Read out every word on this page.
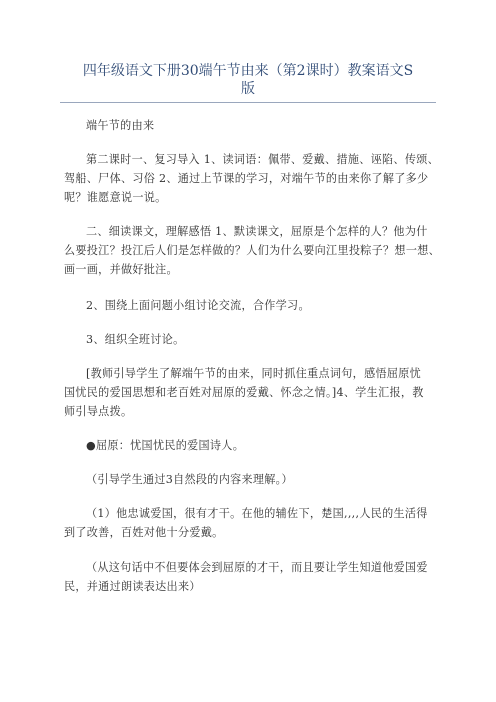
四年级语文下册30端午节由来（第2课时）教案语文S
版
端午节的由来
第二课时一、复习导入 1、读词语：佩带、爱戴、措施、诬陷、传颂、
驾船、尸体、习俗 2、通过上节课的学习，对端午节的由来你了解了多少
呢？谁愿意说一说。
二、细读课文，理解感悟 1、默读课文，屈原是个怎样的人？他为什
么要投江？投江后人们是怎样做的？人们为什么要向江里投粽子？想一想、
画一画，并做好批注。
2、围绕上面问题小组讨论交流，合作学习。
3、组织全班讨论。
[教师引导学生了解端午节的由来，同时抓住重点词句，感悟屈原忧
国忧民的爱国思想和老百姓对屈原的爱戴、怀念之情。]4、学生汇报，教
师引导点拨。
●屈原：忧国忧民的爱国诗人。
（引导学生通过3自然段的内容来理解。）
（1）他忠诚爱国，很有才干。在他的辅佐下，楚国,,,,人民的生活得
到了改善，百姓对他十分爱戴。
（从这句话中不但要体会到屈原的才干，而且要让学生知道他爱国爱
民，并通过朗读表达出来）
